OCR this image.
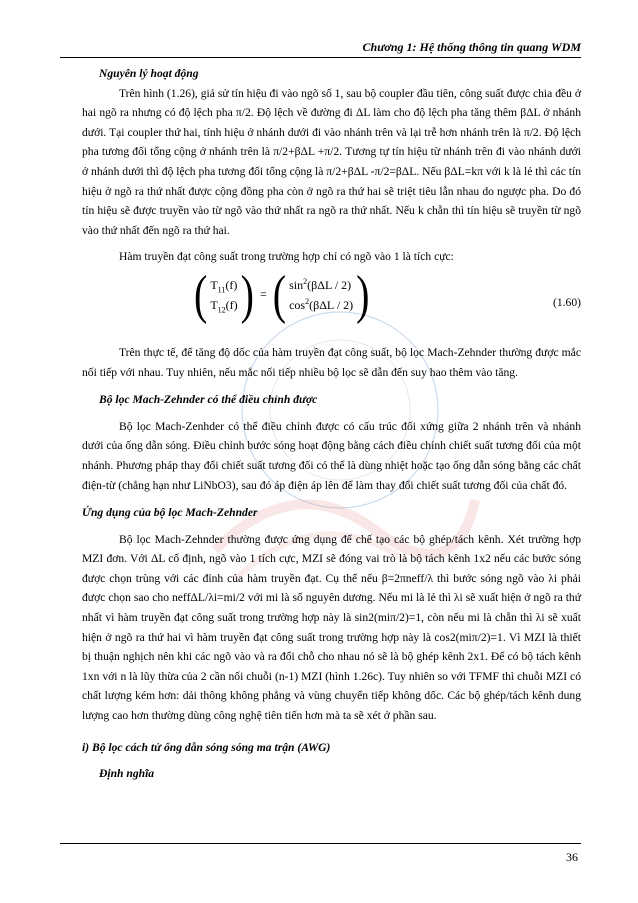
Chương 1: Hệ thống thông tin quang WDM

Nguyên lý hoạt động

Trên hình (1.26), giả sử tín hiệu đi vào ngõ số 1, sau bộ coupler đầu tiên, công suất được chia đều ở hai ngõ ra nhưng có độ lệch pha π/2. Độ lệch về đường đi ΔL làm cho độ lệch pha tăng thêm βΔL ở nhánh dưới. Tại coupler thứ hai, tính hiệu ở nhánh dưới đi vào nhánh trên và lại trễ hơn nhánh trên là π/2. Độ lệch pha tương đối tổng cộng ở nhánh trên là π/2+βΔL +π/2. Tương tự tín hiệu từ nhánh trên đi vào nhánh dưới ở nhánh dưới thì độ lệch pha tương đối tổng cộng là π/2+βΔL -π/2=βΔL. Nếu βΔL=kπ với k là lẻ thì các tín hiệu ở ngõ ra thứ nhất được cộng đồng pha còn ở ngõ ra thứ hai sẽ triệt tiêu lẫn nhau do ngược pha. Do đó tín hiệu sẽ được truyền vào từ ngõ vào thứ nhất ra ngõ ra thứ nhất. Nếu k chẵn thì tín hiệu sẽ truyền từ ngõ vào thứ nhất đến ngõ ra thứ hai.

Hàm truyền đạt công suất trong trường hợp chỉ có ngõ vào 1 là tích cực:

( $T_{11}(f)$
$T_{12}(f)$ ) = ( $\sin^2(\beta\Delta L / 2)$
$\cos^2(\beta\Delta L / 2)$ )	(1.60)

Trên thực tế, để tăng độ dốc của hàm truyền đạt công suất, bộ lọc Mach-Zehnder thường được mắc nối tiếp với nhau. Tuy nhiên, nếu mắc nối tiếp nhiều bộ lọc sẽ dẫn đến suy hao thêm vào tăng.

Bộ lọc Mach-Zehnder có thể điều chỉnh được

Bộ lọc Mach-Zenhder có thể điều chỉnh được có cấu trúc đối xứng giữa 2 nhánh trên và nhánh dưới của ống dẫn sóng. Điều chỉnh bước sóng hoạt động bằng cách điều chỉnh chiết suất tương đối của một nhánh. Phương pháp thay đổi chiết suất tương đối có thể là dùng nhiệt hoặc tạo ống dẫn sóng bằng các chất điện-từ (chẳng hạn như LiNbO3), sau đó áp điện áp lên để làm thay đổi chiết suất tương đối của chất đó.

Ứng dụng của bộ lọc Mach-Zehnder

Bộ lọc Mach-Zehnder thường được ứng dụng để chế tạo các bộ ghép/tách kênh. Xét trường hợp MZI đơn. Với ΔL cố định, ngõ vào 1 tích cực, MZI sẽ đóng vai trò là bộ tách kênh 1x2 nếu các bước sóng được chọn trùng với các đỉnh của hàm truyền đạt. Cụ thể nếu β=2πneff/λ thì bước sóng ngõ vào λi phải được chọn sao cho neffΔL/λi=mi/2 với mi là số nguyên dương. Nếu mi là lẻ thì λi sẽ xuất hiện ở ngõ ra thứ nhất vì hàm truyền đạt công suất trong trường hợp này là sin2(miπ/2)=1, còn nếu mi là chẵn thì λi sẽ xuất hiện ở ngõ ra thứ hai vì hàm truyền đạt công suất trong trường hợp này là cos2(miπ/2)=1. Vì MZI là thiết bị thuận nghịch nên khi các ngõ vào và ra đổi chỗ cho nhau nó sẽ là bộ ghép kênh 2x1. Để có bộ tách kênh 1xn với n là lũy thừa của 2 cần nối chuỗi (n-1) MZI (hình 1.26c). Tuy nhiên so với TFMF thì chuỗi MZI có chất lượng kém hơn: dải thông không phẳng và vùng chuyển tiếp không dốc. Các bộ ghép/tách kênh dung lượng cao hơn thường dùng công nghệ tiên tiến hơn mà ta sẽ xét ở phần sau.

i) Bộ lọc cách tử ống dẫn sóng sóng ma trận (AWG)

Định nghĩa

36
